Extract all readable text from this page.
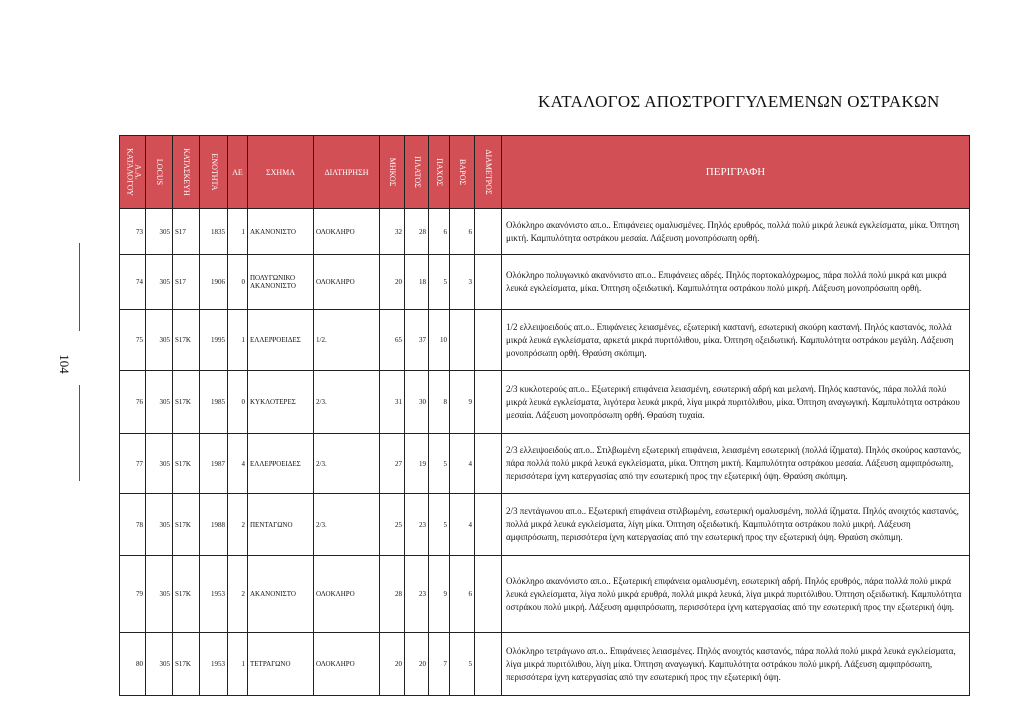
ΚΑΤΑΛΟΓΟΣ ΑΠΟΣΤΡΟΓΓΥΛΕΜΕΝΩΝ ΟΣΤΡΑΚΩΝ
104
Α.Α. ΚΑΤΑΛΟΓΟΥ	LOCUS	ΚΑΤΑΣΚΕΥΗ	ΕΝΟΤΗΤΑ	ΑΕ	ΣΧΗΜΑ	ΔΙΑΤΗΡΗΣΗ	ΜΗΚΟΣ	ΠΛΑΤΟΣ	ΠΑΧΟΣ	ΒΑΡΟΣ	ΔΙΑΜΕΤΡΟΣ	ΠΕΡΙΓΡΑΦΗ
73	305	S17	1835	1	ΑΚΑΝΟΝΙΣΤΟ	ΟΛΟΚΛΗΡΟ	32	28	6	6		Ολόκληρο ακανόνιστο απ.ο.. Επιφάνειες ομαλυσμένες. Πηλός ερυθρός, πολλά πολύ μικρά λευκά εγκλείσματα, μίκα. Όπτηση μικτή. Καμπυλότητα οστράκου μεσαία. Λάξευση μονοπρόσωπη ορθή.
74	305	S17	1906	0	ΠΟΛΥΓΩΝΙΚΟ ΑΚΑΝΟΝΙΣΤΟ	ΟΛΟΚΛΗΡΟ	20	18	5	3		Ολόκληρο πολυγωνικό ακανόνιστο απ.ο.. Επιφάνειες αδρές. Πηλός πορτοκαλόχρωμος, πάρα πολλά πολύ μικρά και μικρά λευκά εγκλείσματα, μίκα. Όπτηση οξειδωτική. Καμπυλότητα οστράκου πολύ μικρή. Λάξευση μονοπρόσωπη ορθή.
75	305	S17K	1995	1	ΕΛΛΕΙΨΟΕΙΔΕΣ	1/2.	65	37	10			1/2 ελλειψοειδούς απ.ο.. Επιφάνειες λειασμένες, εξωτερική καστανή, εσωτερική σκούρη καστανή. Πηλός καστανός, πολλά μικρά λευκά εγκλείσματα, αρκετά μικρά πυριτόλιθου, μίκα. Όπτηση οξειδωτική. Καμπυλότητα οστράκου μεγάλη. Λάξευση μονοπρόσωπη ορθή. Θραύση σκόπιμη.
76	305	S17K	1985	0	ΚΥΚΛΟΤΕΡΕΣ	2/3.	31	30	8	9		2/3 κυκλοτερούς απ.ο.. Εξωτερική επιφάνεια λειασμένη, εσωτερική αδρή και μελανή. Πηλός καστανός, πάρα πολλά πολύ μικρά λευκά εγκλείσματα, λιγότερα λευκά μικρά, λίγα μικρά πυριτόλιθου, μίκα. Όπτηση αναγωγική. Καμπυλότητα οστράκου μεσαία. Λάξευση μονοπρόσωπη ορθή. Θραύση τυχαία.
77	305	S17K	1987	4	ΕΛΛΕΙΨΟΕΙΔΕΣ	2/3.	27	19	5	4		2/3 ελλειψοειδούς απ.ο.. Στιλβωμένη εξωτερική επιφάνεια, λειασμένη εσωτερική (πολλά ίζηματα). Πηλός σκούρος καστανός, πάρα πολλά πολύ μικρά λευκά εγκλείσματα, μίκα. Όπτηση μικτή. Καμπυλότητα οστράκου μεσαία. Λάξευση αμφιπρόσωπη, περισσότερα ίχνη κατεργασίας από την εσωτερική προς την εξωτερική όψη. Θραύση σκόπιμη.
78	305	S17K	1988	2	ΠΕΝΤΑΓΩΝΟ	2/3.	25	23	5	4		2/3 πεντάγωνου απ.ο.. Εξωτερική επιφάνεια στιλβωμένη, εσωτερική ομαλυσμένη, πολλά ίζηματα. Πηλός ανοιχτός καστανός, πολλά μικρά λευκά εγκλείσματα, λίγη μίκα. Όπτηση οξειδωτική. Καμπυλότητα οστράκου πολύ μικρή. Λάξευση αμφιπρόσωπη, περισσότερα ίχνη κατεργασίας από την εσωτερική προς την εξωτερική όψη. Θραύση σκόπιμη.
79	305	S17K	1953	2	ΑΚΑΝΟΝΙΣΤΟ	ΟΛΟΚΛΗΡΟ	28	23	9	6		Ολόκληρο ακανόνιστο απ.ο.. Εξωτερική επιφάνεια ομαλυσμένη, εσωτερική αδρή. Πηλός ερυθρός, πάρα πολλά πολύ μικρά λευκά εγκλείσματα, λίγα πολύ μικρά ερυθρά, πολλά μικρά λευκά, λίγα μικρά πυριτόλιθου. Όπτηση οξειδωτική. Καμπυλότητα οστράκου πολύ μικρή. Λάξευση αμφιπρόσωπη, περισσότερα ίχνη κατεργασίας από την εσωτερική προς την εξωτερική όψη.
80	305	S17K	1953	1	ΤΕΤΡΑΓΩΝΟ	ΟΛΟΚΛΗΡΟ	20	20	7	5		Ολόκληρο τετράγωνο απ.ο.. Επιφάνειες λειασμένες. Πηλός ανοιχτός καστανός, πάρα πολλά πολύ μικρά λευκά εγκλείσματα, λίγα μικρά πυριτόλιθου, λίγη μίκα. Όπτηση αναγωγική. Καμπυλότητα οστράκου πολύ μικρή. Λάξευση αμφιπρόσωπη, περισσότερα ίχνη κατεργασίας από την εσωτερική προς την εξωτερική όψη.
